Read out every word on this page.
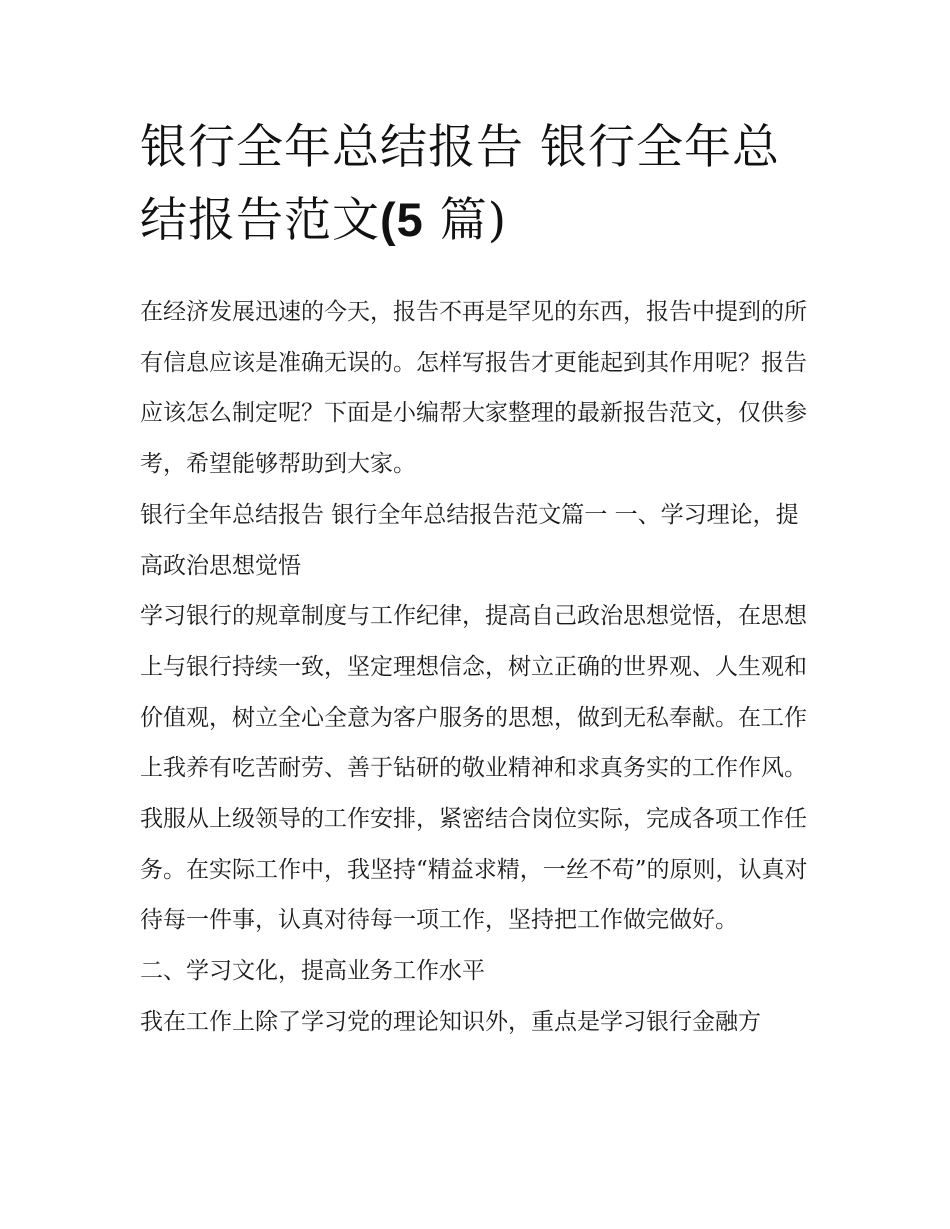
银行全年总结报告 银行全年总结报告范文(5 篇)

在经济发展迅速的今天，报告不再是罕见的东西，报告中提到的所有信息应该是准确无误的。怎样写报告才更能起到其作用呢？报告应该怎么制定呢？下面是小编帮大家整理的最新报告范文，仅供参考，希望能够帮助到大家。

银行全年总结报告 银行全年总结报告范文篇一 一、学习理论，提高政治思想觉悟

学习银行的规章制度与工作纪律，提高自己政治思想觉悟，在思想上与银行持续一致，坚定理想信念，树立正确的世界观、人生观和价值观，树立全心全意为客户服务的思想，做到无私奉献。在工作上我养有吃苦耐劳、善于钻研的敬业精神和求真务实的工作作风。我服从上级领导的工作安排，紧密结合岗位实际，完成各项工作任务。在实际工作中，我坚持“精益求精，一丝不苟”的原则，认真对待每一件事，认真对待每一项工作，坚持把工作做完做好。

二、学习文化，提高业务工作水平

我在工作上除了学习党的理论知识外，重点是学习银行金融方
